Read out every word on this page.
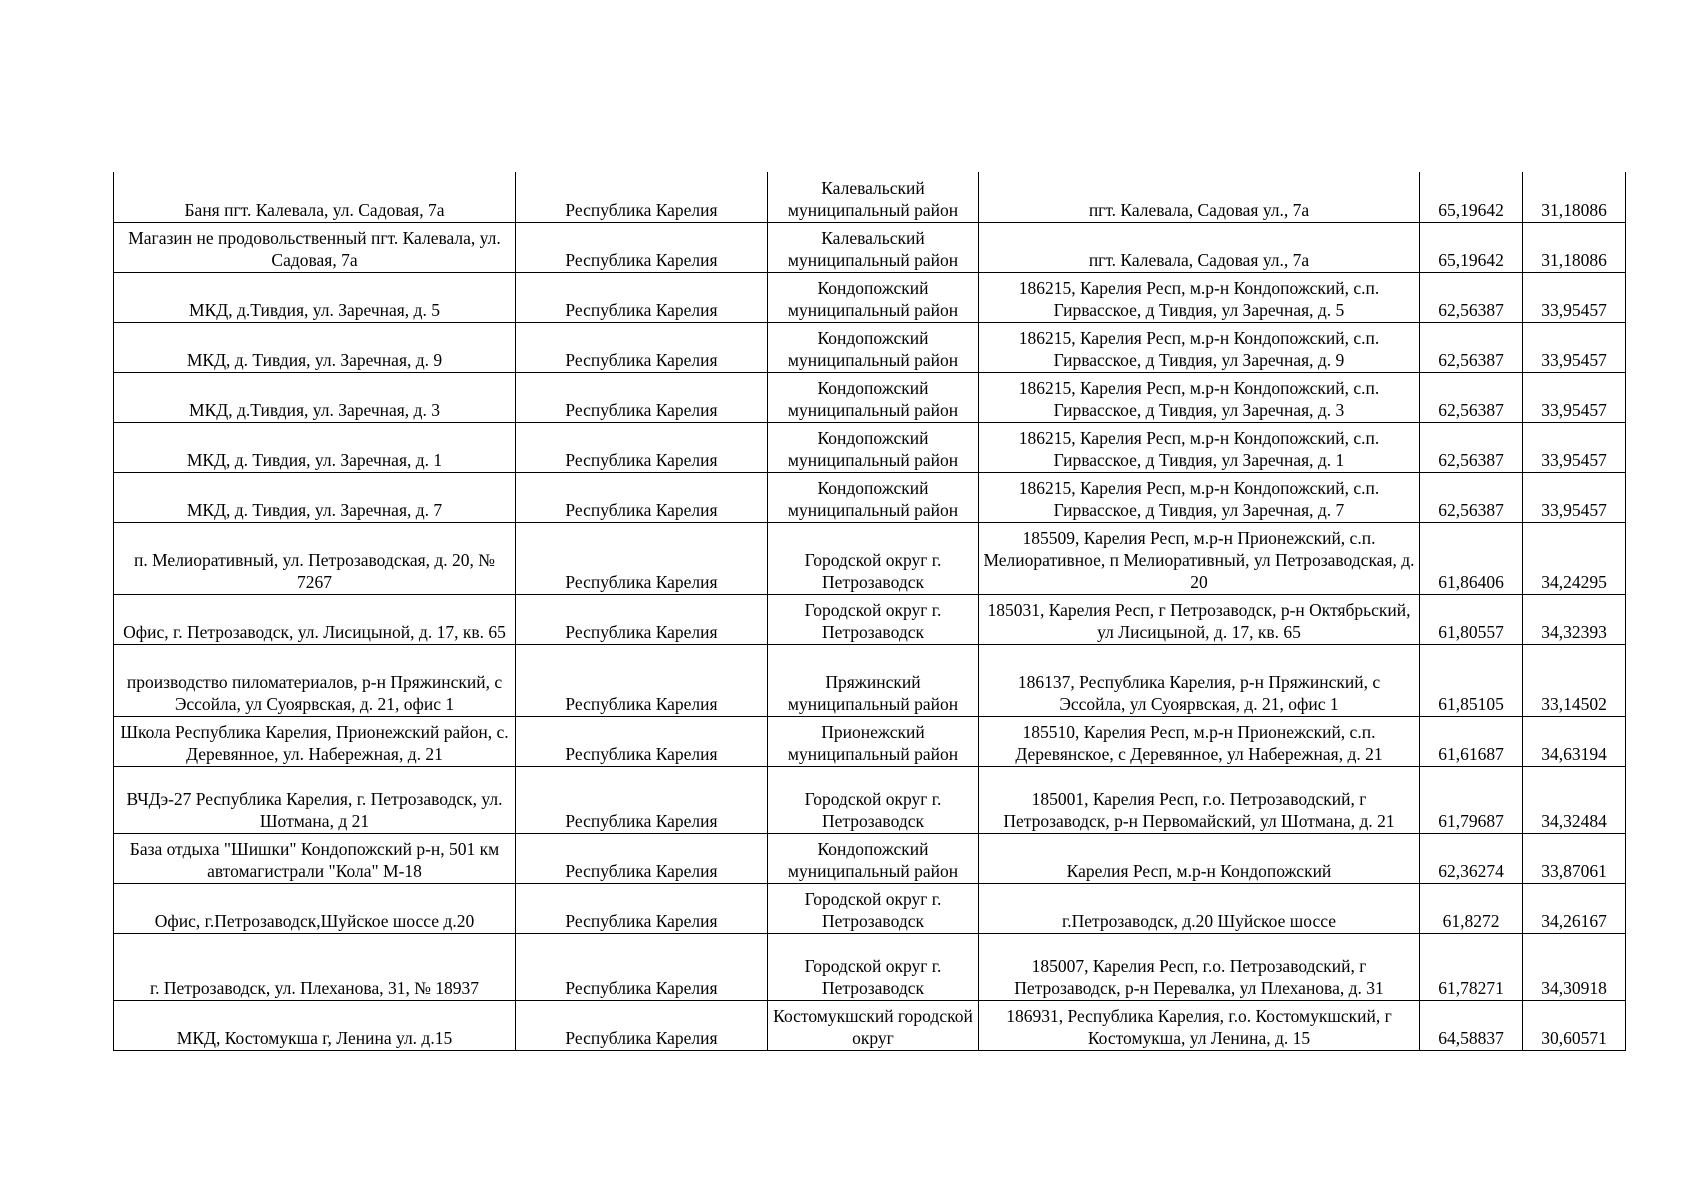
Баня пгт. Калевала, ул. Садовая, 7а	Республика Карелия	Калевальский муниципальный район	пгт. Калевала, Садовая ул., 7а	65,19642	31,18086
Магазин не продовольственный пгт. Калевала, ул. Садовая, 7а	Республика Карелия	Калевальский муниципальный район	пгт. Калевала, Садовая ул., 7а	65,19642	31,18086
МКД, д.Тивдия, ул. Заречная, д. 5	Республика Карелия	Кондопожский муниципальный район	186215, Карелия Респ, м.р-н Кондопожский, с.п. Гирвасское, д Тивдия, ул Заречная, д. 5	62,56387	33,95457
МКД, д. Тивдия, ул. Заречная, д. 9	Республика Карелия	Кондопожский муниципальный район	186215, Карелия Респ, м.р-н Кондопожский, с.п. Гирвасское, д Тивдия, ул Заречная, д. 9	62,56387	33,95457
МКД, д.Тивдия, ул. Заречная, д. 3	Республика Карелия	Кондопожский муниципальный район	186215, Карелия Респ, м.р-н Кондопожский, с.п. Гирвасское, д Тивдия, ул Заречная, д. 3	62,56387	33,95457
МКД, д. Тивдия, ул. Заречная, д. 1	Республика Карелия	Кондопожский муниципальный район	186215, Карелия Респ, м.р-н Кондопожский, с.п. Гирвасское, д Тивдия, ул Заречная, д. 1	62,56387	33,95457
МКД, д. Тивдия, ул. Заречная, д. 7	Республика Карелия	Кондопожский муниципальный район	186215, Карелия Респ, м.р-н Кондопожский, с.п. Гирвасское, д Тивдия, ул Заречная, д. 7	62,56387	33,95457
п. Мелиоративный, ул. Петрозаводская, д. 20, № 7267	Республика Карелия	Городской округ г. Петрозаводск	185509, Карелия Респ, м.р-н Прионежский, с.п. Мелиоративное, п Мелиоративный, ул Петрозаводская, д. 20	61,86406	34,24295
Офис, г. Петрозаводск, ул. Лисицыной, д. 17, кв. 65	Республика Карелия	Городской округ г. Петрозаводск	185031, Карелия Респ, г Петрозаводск, р-н Октябрьский, ул Лисицыной, д. 17, кв. 65	61,80557	34,32393
производство пиломатериалов, р-н Пряжинский, с Эссойла, ул Суоярвская, д. 21, офис 1	Республика Карелия	Пряжинский муниципальный район	186137, Республика Карелия, р-н Пряжинский, с Эссойла, ул Суоярвская, д. 21, офис 1	61,85105	33,14502
Школа Республика Карелия, Прионежский район, с. Деревянное, ул. Набережная, д. 21	Республика Карелия	Прионежский муниципальный район	185510, Карелия Респ, м.р-н Прионежский, с.п. Деревянское, с Деревянное, ул Набережная, д. 21	61,61687	34,63194
ВЧДэ-27 Республика Карелия, г. Петрозаводск, ул. Шотмана, д 21	Республика Карелия	Городской округ г. Петрозаводск	185001, Карелия Респ, г.о. Петрозаводский, г Петрозаводск, р-н Первомайский, ул Шотмана, д. 21	61,79687	34,32484
База отдыха "Шишки" Кондопожский р-н, 501 км автомагистрали "Кола" М-18	Республика Карелия	Кондопожский муниципальный район	Карелия Респ, м.р-н Кондопожский	62,36274	33,87061
Офис, г.Петрозаводск,Шуйское шоссе д.20	Республика Карелия	Городской округ г. Петрозаводск	г.Петрозаводск, д.20 Шуйское шоссе	61,8272	34,26167
г. Петрозаводск, ул. Плеханова, 31, № 18937	Республика Карелия	Городской округ г. Петрозаводск	185007, Карелия Респ, г.о. Петрозаводский, г Петрозаводск, р-н Перевалка, ул Плеханова, д. 31	61,78271	34,30918
МКД, Костомукша г, Ленина ул. д.15	Республика Карелия	Костомукшский городской округ	186931, Республика Карелия, г.о. Костомукшский, г Костомукша, ул Ленина, д. 15	64,58837	30,60571
